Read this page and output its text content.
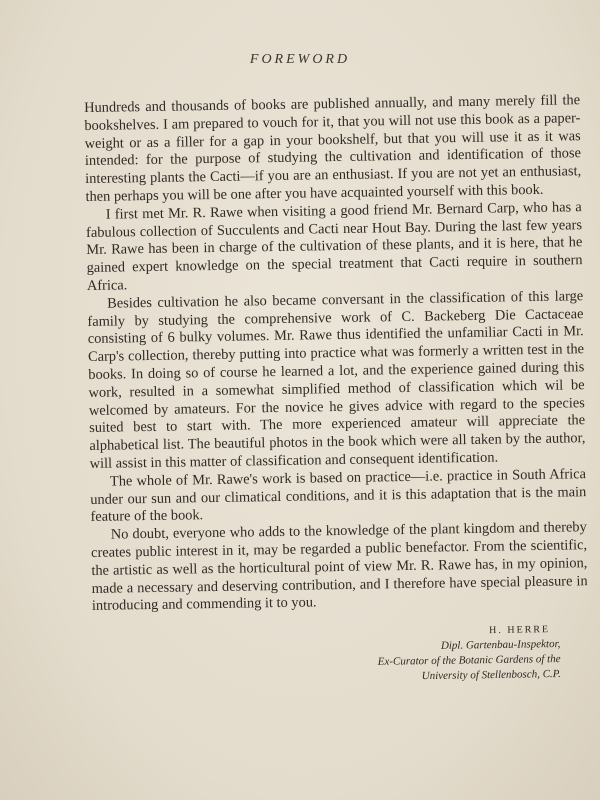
FOREWORD

Hundreds and thousands of books are published annually, and many merely fill the bookshelves. I am prepared to vouch for it, that you will not use this book as a paper-weight or as a filler for a gap in your bookshelf, but that you will use it as it was intended: for the purpose of studying the cultivation and identification of those interesting plants the Cacti—if you are an enthusiast. If you are not yet an enthusiast, then perhaps you will be one after you have acquainted yourself with this book.

I first met Mr. R. Rawe when visiting a good friend Mr. Bernard Carp, who has a fabulous collection of Succulents and Cacti near Hout Bay. During the last few years Mr. Rawe has been in charge of the cultivation of these plants, and it is here, that he gained expert knowledge on the special treatment that Cacti require in southern Africa.

Besides cultivation he also became conversant in the classification of this large family by studying the comprehensive work of C. Backeberg Die Cactaceae consisting of 6 bulky volumes. Mr. Rawe thus identified the unfamiliar Cacti in Mr. Carp's collection, thereby putting into practice what was formerly a written test in the books. In doing so of course he learned a lot, and the experience gained during this work, resulted in a somewhat simplified method of classification which wil be welcomed by amateurs. For the novice he gives advice with regard to the species suited best to start with. The more experienced amateur will appreciate the alphabetical list. The beautiful photos in the book which were all taken by the author, will assist in this matter of classification and consequent identification.

The whole of Mr. Rawe's work is based on practice—i.e. practice in South Africa under our sun and our climatical conditions, and it is this adaptation that is the main feature of the book.

No doubt, everyone who adds to the knowledge of the plant kingdom and thereby creates public interest in it, may be regarded a public benefactor. From the scientific, the artistic as well as the horticultural point of view Mr. R. Rawe has, in my opinion, made a necessary and deserving contribution, and I therefore have special pleasure in introducing and commending it to you.

H. HERRE
Dipl. Gartenbau-Inspektor,
Ex-Curator of the Botanic Gardens of the
University of Stellenbosch, C.P.
